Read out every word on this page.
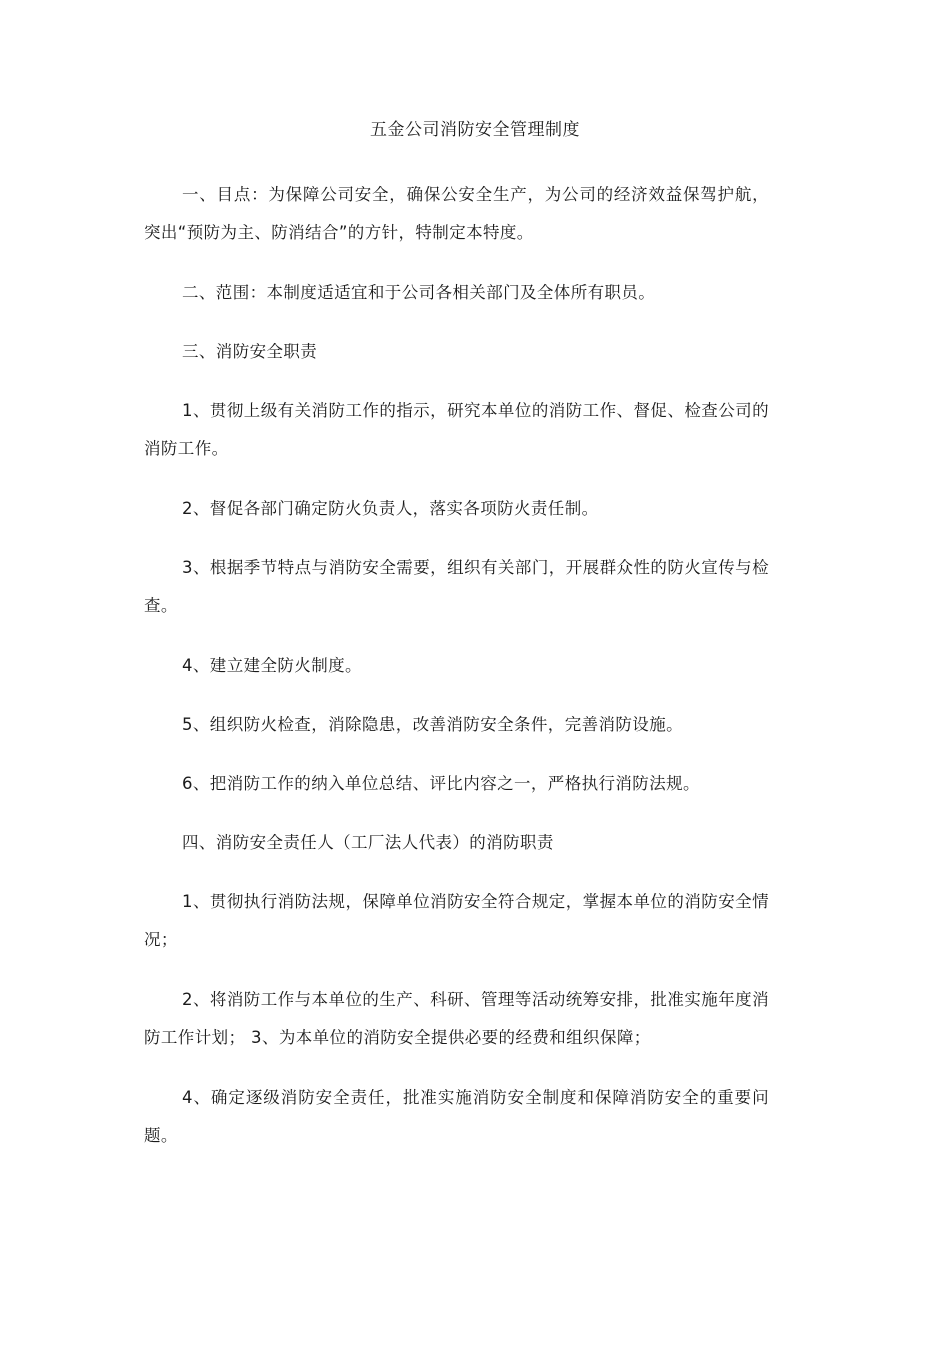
五金公司消防安全管理制度

一、目点：为保障公司安全，确保公安全生产，为公司的经济效益保驾护航，突出“预防为主、防消结合”的方针，特制定本特度。

二、范围：本制度适适宜和于公司各相关部门及全体所有职员。

三、消防安全职责

1、贯彻上级有关消防工作的指示，研究本单位的消防工作、督促、检查公司的消防工作。

2、督促各部门确定防火负责人，落实各项防火责任制。

3、根据季节特点与消防安全需要，组织有关部门，开展群众性的防火宣传与检查。

4、建立建全防火制度。

5、组织防火检查，消除隐患，改善消防安全条件，完善消防设施。

6、把消防工作的纳入单位总结、评比内容之一，严格执行消防法规。

四、消防安全责任人（工厂法人代表）的消防职责

1、贯彻执行消防法规，保障单位消防安全符合规定，掌握本单位的消防安全情况；

2、将消防工作与本单位的生产、科研、管理等活动统筹安排，批准实施年度消防工作计划； 3、为本单位的消防安全提供必要的经费和组织保障；

4、确定逐级消防安全责任，批准实施消防安全制度和保障消防安全的重要问题。
